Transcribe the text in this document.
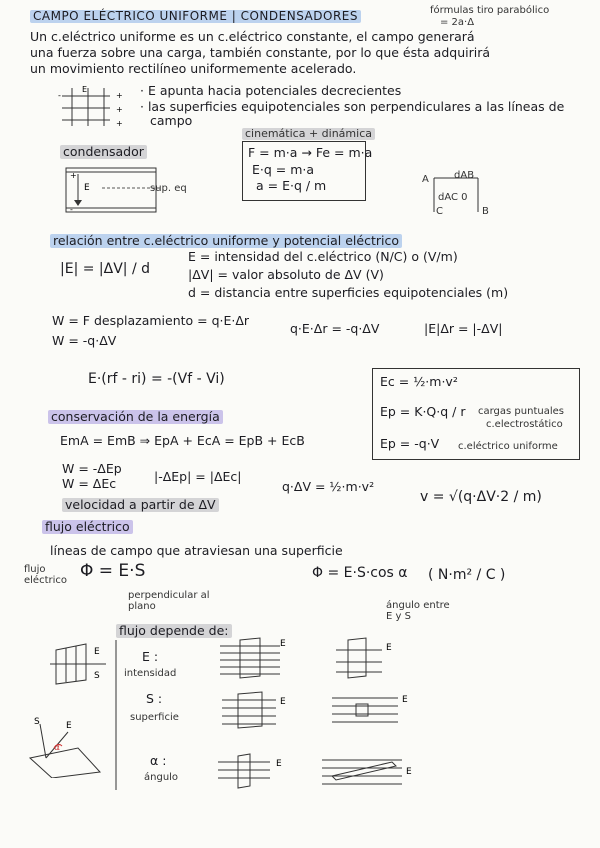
CAMPO ELÉCTRICO UNIFORME | CONDENSADORES	fórmulas tiro parabólico
= 2a·Δ
Un c.eléctrico uniforme es un c.eléctrico constante, el campo generará
una fuerza sobre una carga, también constante, por lo que ésta adquirirá
un movimiento rectilíneo uniformemente acelerado.
-	+
+
+
E	· E apunta hacia potenciales decrecientes
· las superficies equipotenciales son perpendiculares a las líneas de
campo
condensador
+
-
E	sup. eq
cinemática + dinámica
F = m·a → Fe = m·a
E·q = m·a
a = E·q / m	A	dAB
dAC 0
C	B
relación entre c.eléctrico uniforme y potencial eléctrico
|E| = |ΔV| / d
E = intensidad del c.eléctrico (N/C) o (V/m)
|ΔV| = valor absoluto de ΔV (V)
d = distancia entre superficies equipotenciales (m)
W = F desplazamiento = q·E·Δr
W = -q·ΔV
q·E·Δr = -q·ΔV	|E|Δr = |-ΔV|
E·(rf - ri) = -(Vf - Vi)	Ec = ½·m·v²
Ep = K·Q·q / r cargas puntuales
c.electrostático
Ep = -q·V c.eléctrico uniforme
conservación de la energía
EmA = EmB ⇒ EpA + EcA = EpB + EcB
W = -ΔEp
W = ΔEc	|-ΔEp| = |ΔEc|
q·ΔV = ½·m·v²
velocidad a partir de ΔV	v = √(q·ΔV·2 / m)
flujo eléctrico
líneas de campo que atraviesan una superficie
flujo eléctrico Φ = E·S
perpendicular al plano
Φ = E·S·cos α ( N·m² / C )
ángulo entre E y S
flujo depende de:
E
S
S	E
α
E :
intensidad
S :
superficie
α :
ángulo
E	E
E	E
E
E
